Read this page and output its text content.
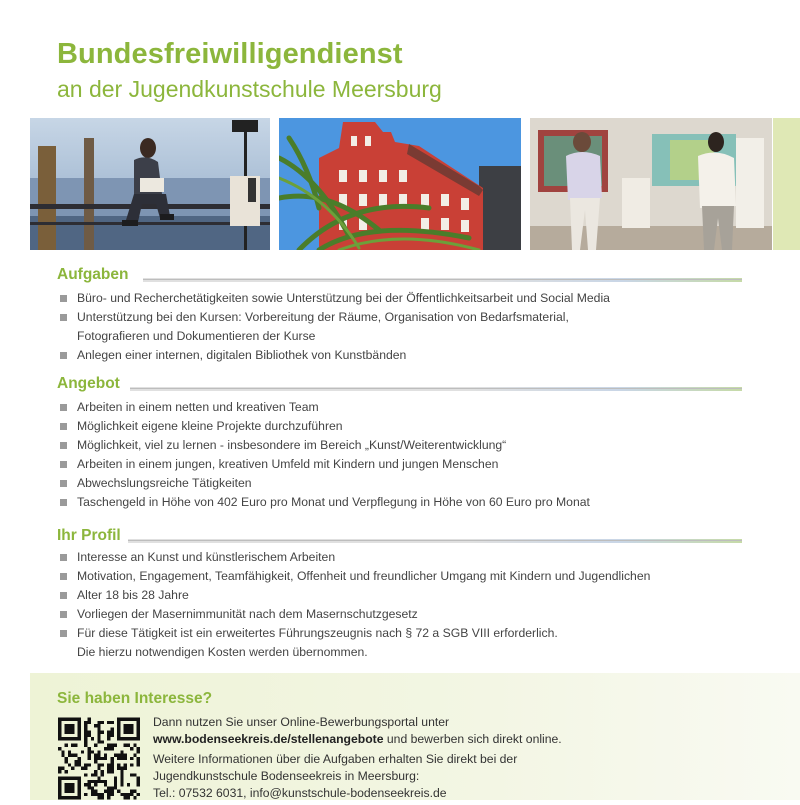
Bundesfreiwilligendienst
an der Jugendkunstschule Meersburg
Aufgaben
Büro- und Recherchetätigkeiten sowie Unterstützung bei der Öffentlichkeitsarbeit und Social Media
Unterstützung bei den Kursen: Vorbereitung der Räume, Organisation von Bedarfsmaterial,
Fotografieren und Dokumentieren der Kurse
Anlegen einer internen, digitalen Bibliothek von Kunstbänden
Angebot
Arbeiten in einem netten und kreativen Team
Möglichkeit eigene kleine Projekte durchzuführen
Möglichkeit, viel zu lernen - insbesondere im Bereich „Kunst/Weiterentwicklung“
Arbeiten in einem jungen, kreativen Umfeld mit Kindern und jungen Menschen
Abwechslungsreiche Tätigkeiten
Taschengeld in Höhe von 402 Euro pro Monat und Verpflegung in Höhe von 60 Euro pro Monat
Ihr Profil
Interesse an Kunst und künstlerischem Arbeiten
Motivation, Engagement, Teamfähigkeit, Offenheit und freundlicher Umgang mit Kindern und Jugendlichen
Alter 18 bis 28 Jahre
Vorliegen der Masernimmunität nach dem Masernschutzgesetz
Für diese Tätigkeit ist ein erweitertes Führungszeugnis nach § 72 a SGB VIII erforderlich.
Die hierzu notwendigen Kosten werden übernommen.
Sie haben Interesse?
Dann nutzen Sie unser Online-Bewerbungsportal unter
www.bodenseekreis.de/stellenangebote und bewerben sich direkt online.
Weitere Informationen über die Aufgaben erhalten Sie direkt bei der
Jugendkunstschule Bodenseekreis in Meersburg:
Tel.: 07532 6031, info@kunstschule-bodenseekreis.de
